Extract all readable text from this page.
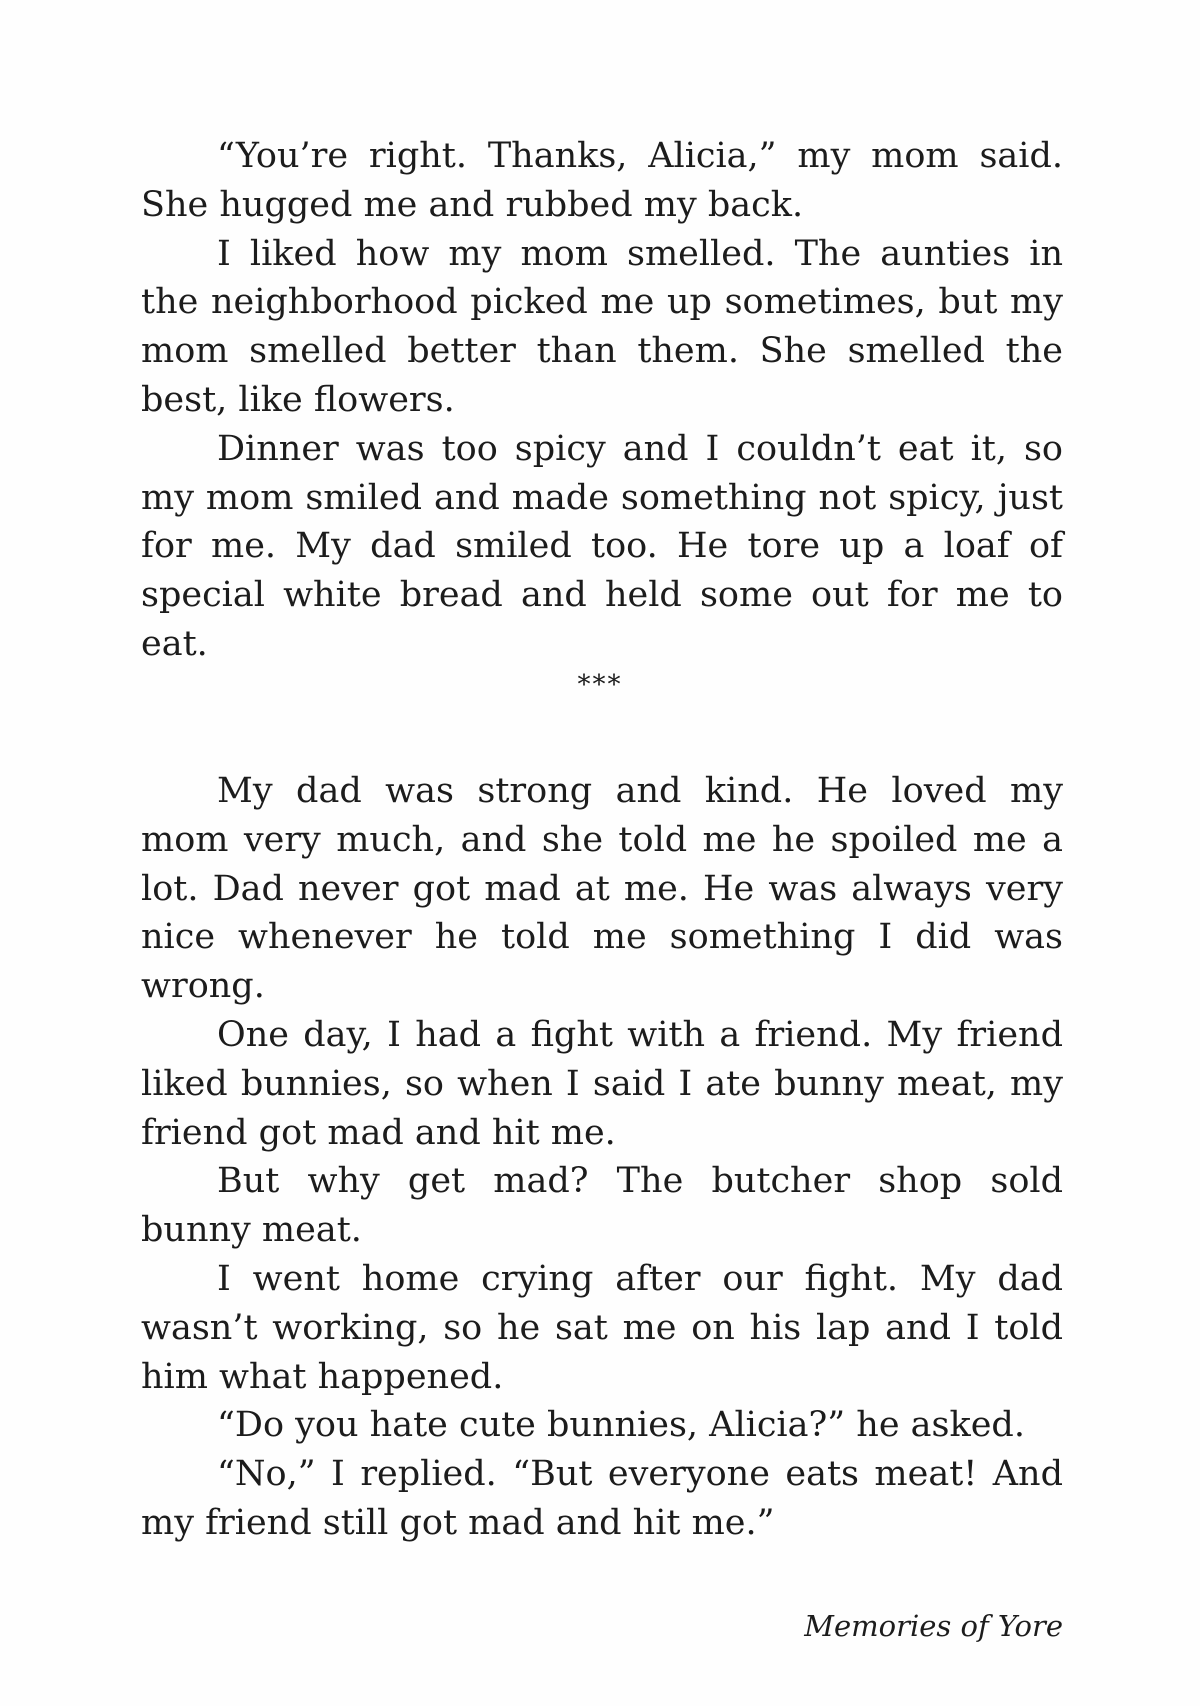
“You’re right. Thanks, Alicia,” my mom said. She hugged me and rubbed my back.

I liked how my mom smelled. The aunties in the neighborhood picked me up sometimes, but my mom smelled better than them. She smelled the best, like flowers.

Dinner was too spicy and I couldn’t eat it, so my mom smiled and made something not spicy, just for me. My dad smiled too. He tore up a loaf of special white bread and held some out for me to eat.

***

My dad was strong and kind. He loved my mom very much, and she told me he spoiled me a lot. Dad never got mad at me. He was always very nice whenever he told me something I did was wrong.

One day, I had a fight with a friend. My friend liked bunnies, so when I said I ate bunny meat, my friend got mad and hit me.

But why get mad? The butcher shop sold bunny meat.

I went home crying after our fight. My dad wasn’t working, so he sat me on his lap and I told him what happened.

“Do you hate cute bunnies, Alicia?” he asked.

“No,” I replied. “But everyone eats meat! And my friend still got mad and hit me.”

Memories of Yore
